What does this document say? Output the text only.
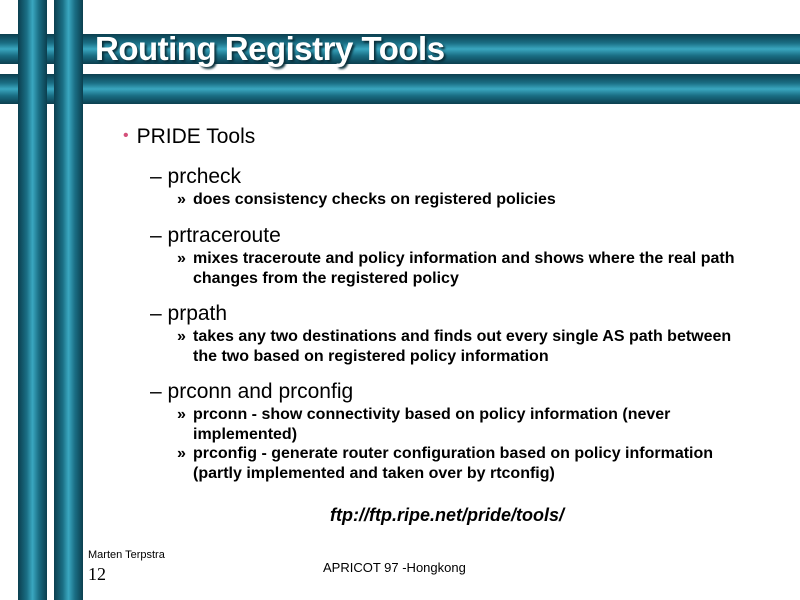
Routing Registry Tools
• PRIDE Tools
– prcheck
» does consistency checks on registered policies
– prtraceroute
» mixes traceroute and policy information and shows where the real path changes from the registered policy
– prpath
» takes any two destinations and finds out every single AS path between the two based on registered policy information
– prconn and prconfig
» prconn - show connectivity based on policy information (never implemented)
» prconfig - generate router configuration based on policy information (partly implemented and taken over by rtconfig)
ftp://ftp.ripe.net/pride/tools/
Marten Terpstra
12	APRICOT 97 -Hongkong
